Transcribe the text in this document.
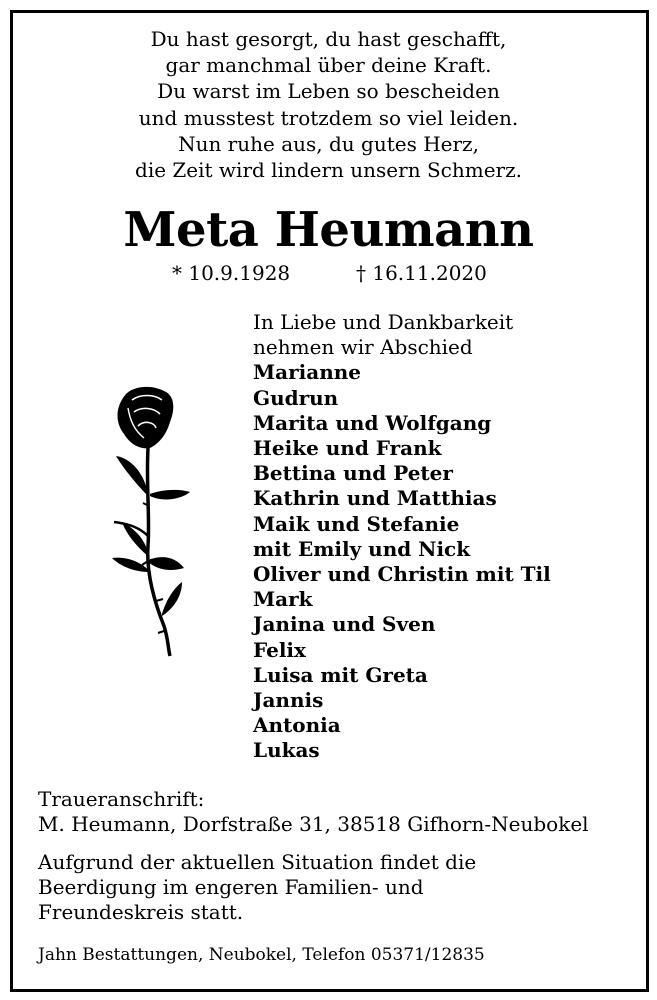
Du hast gesorgt, du hast geschafft,
gar manchmal über deine Kraft.
Du warst im Leben so bescheiden
und musstest trotzdem so viel leiden.
Nun ruhe aus, du gutes Herz,
die Zeit wird lindern unsern Schmerz.
Meta Heumann
* 10.9.1928	† 16.11.2020
In Liebe und Dankbarkeit
nehmen wir Abschied
Marianne
Gudrun
Marita und Wolfgang
Heike und Frank
Bettina und Peter
Kathrin und Matthias
Maik und Stefanie
mit Emily und Nick
Oliver und Christin mit Til
Mark
Janina und Sven
Felix
Luisa mit Greta
Jannis
Antonia
Lukas
Traueranschrift:
M. Heumann, Dorfstraße 31, 38518 Gifhorn-Neubokel
Aufgrund der aktuellen Situation findet die
Beerdigung im engeren Familien- und
Freundeskreis statt.
Jahn Bestattungen, Neubokel, Telefon 05371/12835
